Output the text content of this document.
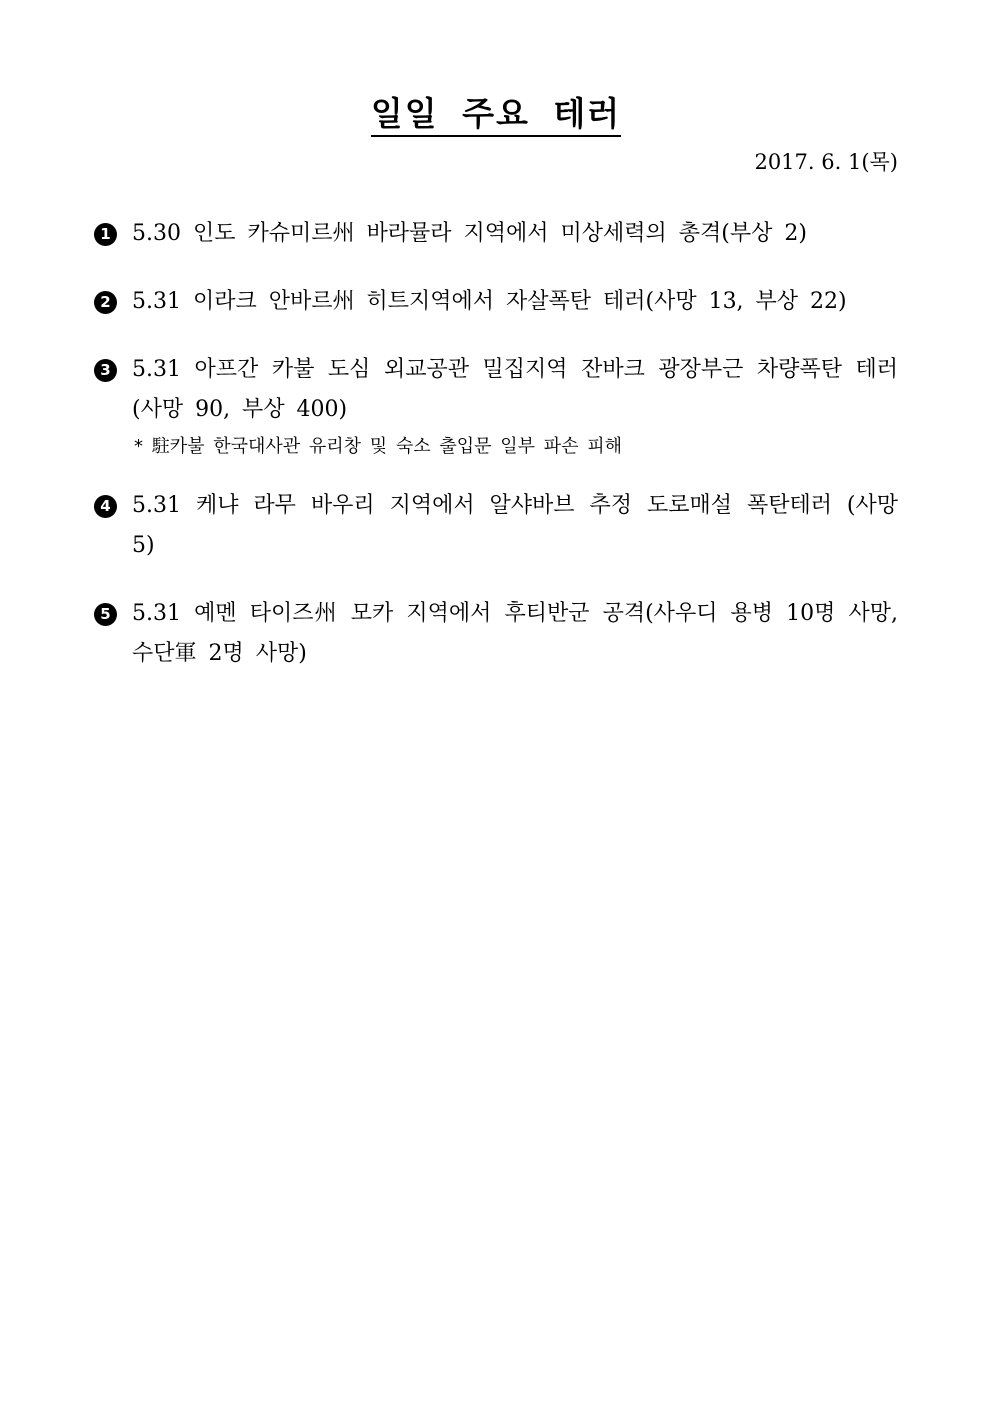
일일 주요 테러
2017. 6. 1(목)
1 5.30 인도 카슈미르州 바라뮬라 지역에서 미상세력의 총격(부상 2)
2 5.31 이라크 안바르州 히트지역에서 자살폭탄 테러(사망 13, 부상 22)
3 5.31 아프간 카불 도심 외교공관 밀집지역 잔바크 광장부근 차량폭탄 테러(사망 90, 부상 400)
* 駐카불 한국대사관 유리창 및 숙소 출입문 일부 파손 피해
4 5.31 케냐 라무 바우리 지역에서 알샤바브 추정 도로매설 폭탄테러 (사망 5)
5 5.31 예멘 타이즈州 모카 지역에서 후티반군 공격(사우디 용병 10명 사망, 수단軍 2명 사망)
